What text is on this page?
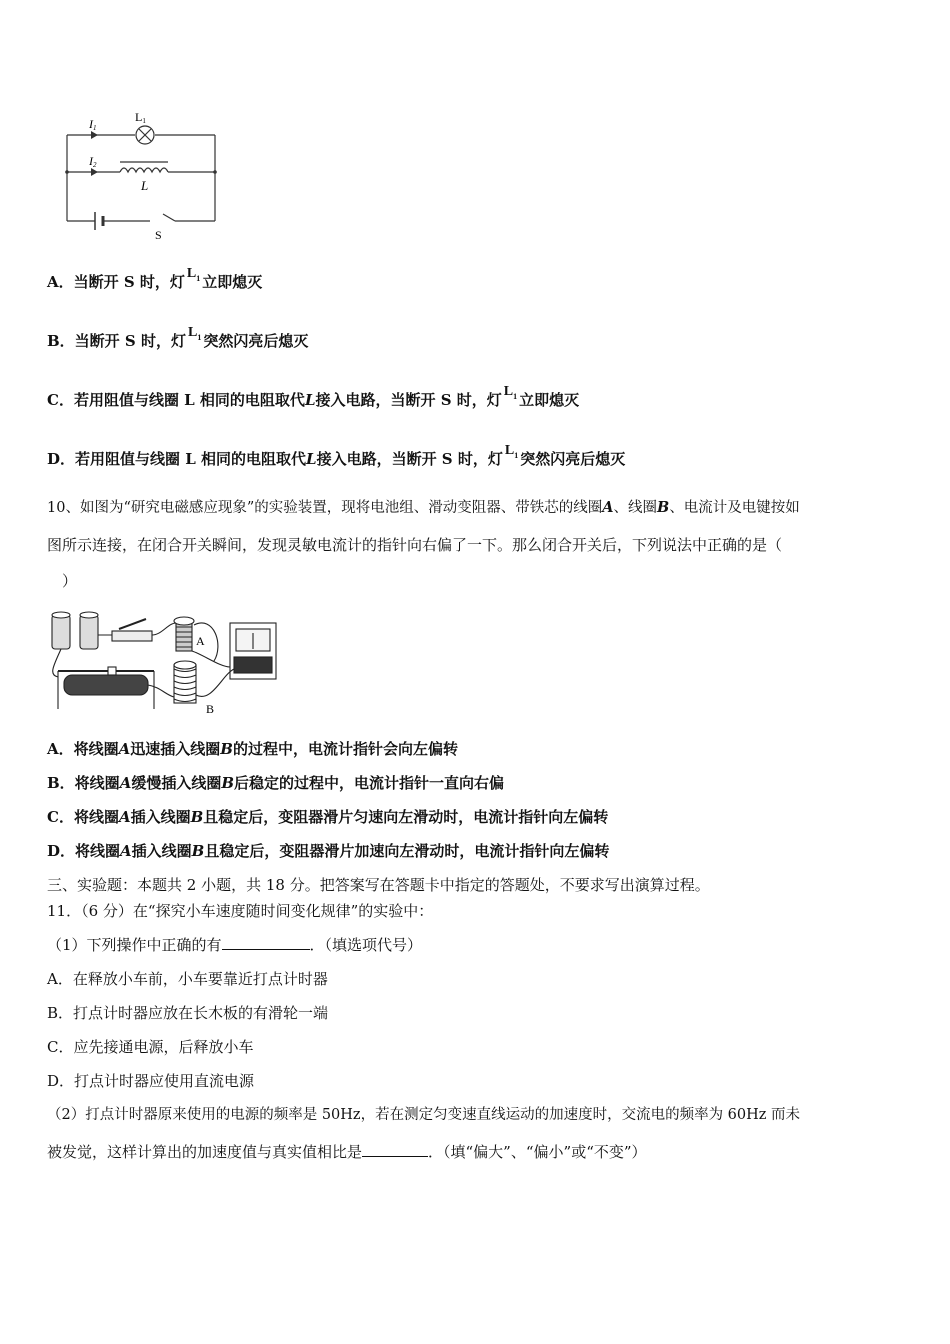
I1
I2
L1
L
S
A．当断开 S 时，灯 $L_1$ 立即熄灭
B．当断开 S 时，灯 $L_1$ 突然闪亮后熄灭
C．若用阻值与线圈 L 相同的电阻取代L接入电路，当断开 S 时，灯 $L_1$ 立即熄灭
D．若用阻值与线圈 L 相同的电阻取代L接入电路，当断开 S 时，灯 $L_1$ 突然闪亮后熄灭
10、如图为“研究电磁感应现象”的实验装置，现将电池组、滑动变阻器、带铁芯的线圈A、线圈B、电流计及电键按如
图所示连接，在闭合开关瞬间，发现灵敏电流计的指针向右偏了一下。那么闭合开关后，下列说法中正确的是（
）
A
B
A．将线圈A迅速插入线圈B的过程中，电流计指针会向左偏转
B．将线圈A缓慢插入线圈B后稳定的过程中，电流计指针一直向右偏
C．将线圈A插入线圈B且稳定后，变阻器滑片匀速向左滑动时，电流计指针向左偏转
D．将线圈A插入线圈B且稳定后，变阻器滑片加速向左滑动时，电流计指针向左偏转
三、实验题：本题共 2 小题，共 18 分。把答案写在答题卡中指定的答题处，不要求写出演算过程。
11．（6 分）在“探究小车速度随时间变化规律”的实验中：
（1）下列操作中正确的有	．（填选项代号）
A．在释放小车前，小车要靠近打点计时器
B．打点计时器应放在长木板的有滑轮一端
C．应先接通电源，后释放小车
D．打点计时器应使用直流电源
（2）打点计时器原来使用的电源的频率是 50Hz，若在测定匀变速直线运动的加速度时，交流电的频率为 60Hz 而未
被发觉，这样计算出的加速度值与真实值相比是	．（填“偏大”、“偏小”或“不变”）
